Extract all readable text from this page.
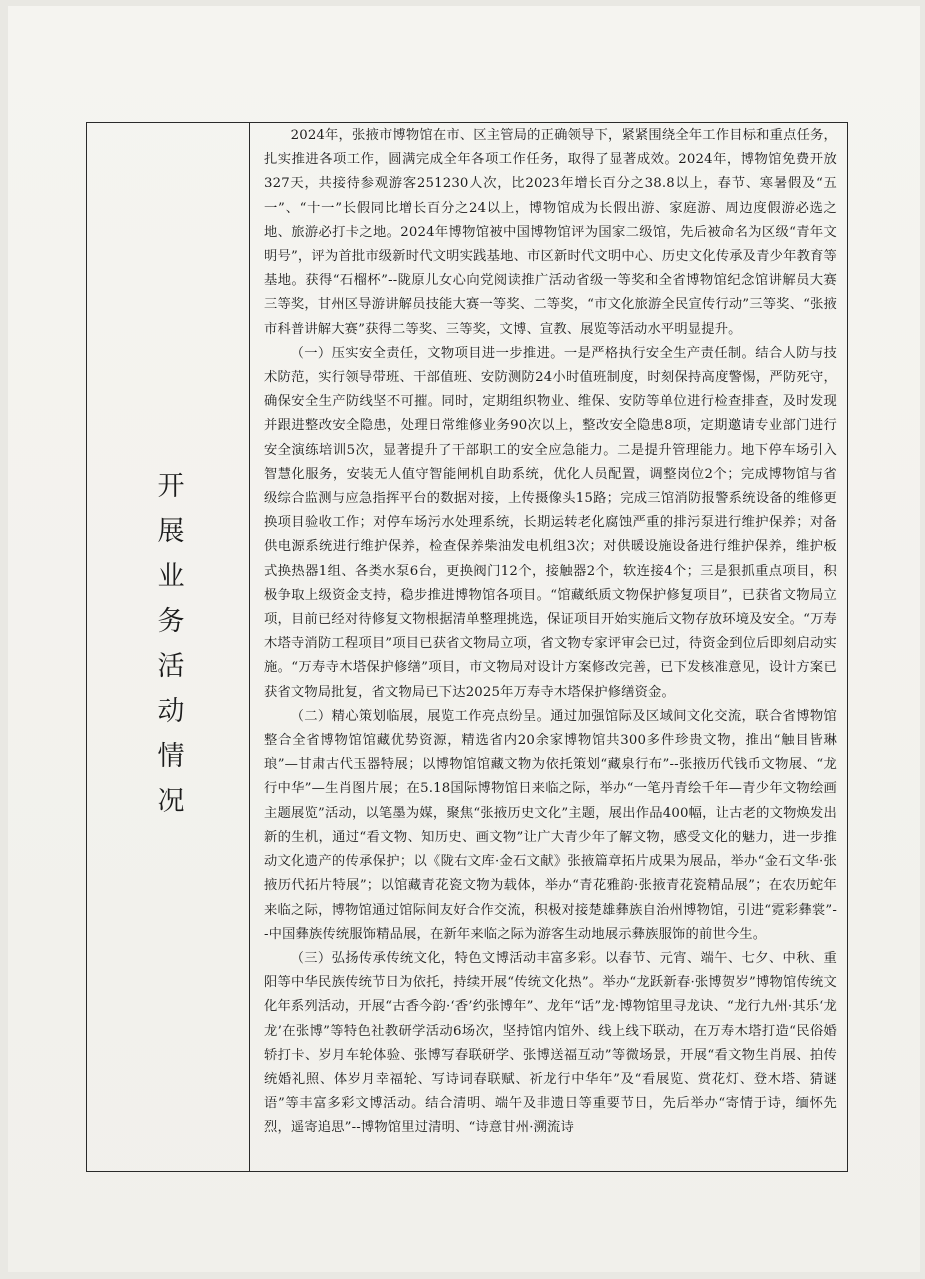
开展业务活动情况

2024年，张掖市博物馆在市、区主管局的正确领导下，紧紧围绕全年工作目标和重点任务，扎实推进各项工作，圆满完成全年各项工作任务，取得了显著成效。2024年，博物馆免费开放327天，共接待参观游客251230人次，比2023年增长百分之38.8以上，春节、寒暑假及“五一”、“十一”长假同比增长百分之24以上，博物馆成为长假出游、家庭游、周边度假游必选之地、旅游必打卡之地。2024年博物馆被中国博物馆评为国家二级馆，先后被命名为区级“青年文明号”，评为首批市级新时代文明实践基地、市区新时代文明中心、历史文化传承及青少年教育等基地。获得“石榴杯”--陇原儿女心向党阅读推广活动省级一等奖和全省博物馆纪念馆讲解员大赛三等奖，甘州区导游讲解员技能大赛一等奖、二等奖，“市文化旅游全民宣传行动”三等奖、“张掖市科普讲解大赛”获得二等奖、三等奖，文博、宣教、展览等活动水平明显提升。

（一）压实安全责任，文物项目进一步推进。一是严格执行安全生产责任制。结合人防与技术防范，实行领导带班、干部值班、安防测防24小时值班制度，时刻保持高度警惕，严防死守，确保安全生产防线坚不可摧。同时，定期组织物业、维保、安防等单位进行检查排查，及时发现并跟进整改安全隐患，处理日常维修业务90次以上，整改安全隐患8项，定期邀请专业部门进行安全演练培训5次，显著提升了干部职工的安全应急能力。二是提升管理能力。地下停车场引入智慧化服务，安装无人值守智能闸机自助系统，优化人员配置，调整岗位2个；完成博物馆与省级综合监测与应急指挥平台的数据对接，上传摄像头15路；完成三馆消防报警系统设备的维修更换项目验收工作；对停车场污水处理系统，长期运转老化腐蚀严重的排污泵进行维护保养；对备供电源系统进行维护保养，检查保养柴油发电机组3次；对供暖设施设备进行维护保养，维护板式换热器1组、各类水泵6台，更换阀门12个，接触器2个，软连接4个；三是狠抓重点项目，积极争取上级资金支持，稳步推进博物馆各项目。“馆藏纸质文物保护修复项目”，已获省文物局立项，目前已经对待修复文物根据清单整理挑选，保证项目开始实施后文物存放环境及安全。“万寿木塔寺消防工程项目”项目已获省文物局立项，省文物专家评审会已过，待资金到位后即刻启动实施。“万寿寺木塔保护修缮”项目，市文物局对设计方案修改完善，已下发核准意见，设计方案已获省文物局批复，省文物局已下达2025年万寿寺木塔保护修缮资金。

（二）精心策划临展，展览工作亮点纷呈。通过加强馆际及区域间文化交流，联合省博物馆整合全省博物馆馆藏优势资源，精选省内20余家博物馆共300多件珍贵文物，推出“触目皆琳琅”—甘肃古代玉器特展；以博物馆馆藏文物为依托策划“藏泉行布”--张掖历代钱币文物展、“龙行中华”—生肖图片展；在5.18国际博物馆日来临之际，举办“一笔丹青绘千年—青少年文物绘画主题展览”活动，以笔墨为媒，聚焦“张掖历史文化”主题，展出作品400幅，让古老的文物焕发出新的生机，通过“看文物、知历史、画文物”让广大青少年了解文物，感受文化的魅力，进一步推动文化遗产的传承保护；以《陇右文库·金石文献》张掖篇章拓片成果为展品，举办“金石文华·张掖历代拓片特展”；以馆藏青花瓷文物为载体，举办“青花雅韵·张掖青花瓷精品展”；在农历蛇年来临之际，博物馆通过馆际间友好合作交流，积极对接楚雄彝族自治州博物馆，引进“霓彩彝裳”--中国彝族传统服饰精品展，在新年来临之际为游客生动地展示彝族服饰的前世今生。

（三）弘扬传承传统文化，特色文博活动丰富多彩。以春节、元宵、端午、七夕、中秋、重阳等中华民族传统节日为依托，持续开展“传统文化热”。举办“龙跃新春·张博贺岁”博物馆传统文化年系列活动，开展“古香今韵·‘香’约张博年”、龙年“话”龙·博物馆里寻龙诀、“龙行九州·其乐‘龙龙’在张博”等特色社教研学活动6场次，坚持馆内馆外、线上线下联动，在万寿木塔打造“民俗婚轿打卡、岁月车轮体验、张博写春联研学、张博送福互动”等微场景，开展“看文物生肖展、拍传统婚礼照、体岁月幸福轮、写诗词春联赋、祈龙行中华年”及“看展览、赏花灯、登木塔、猜谜语”等丰富多彩文博活动。结合清明、端午及非遗日等重要节日，先后举办“寄情于诗，缅怀先烈，遥寄追思”--博物馆里过清明、“诗意甘州·溯流诗
